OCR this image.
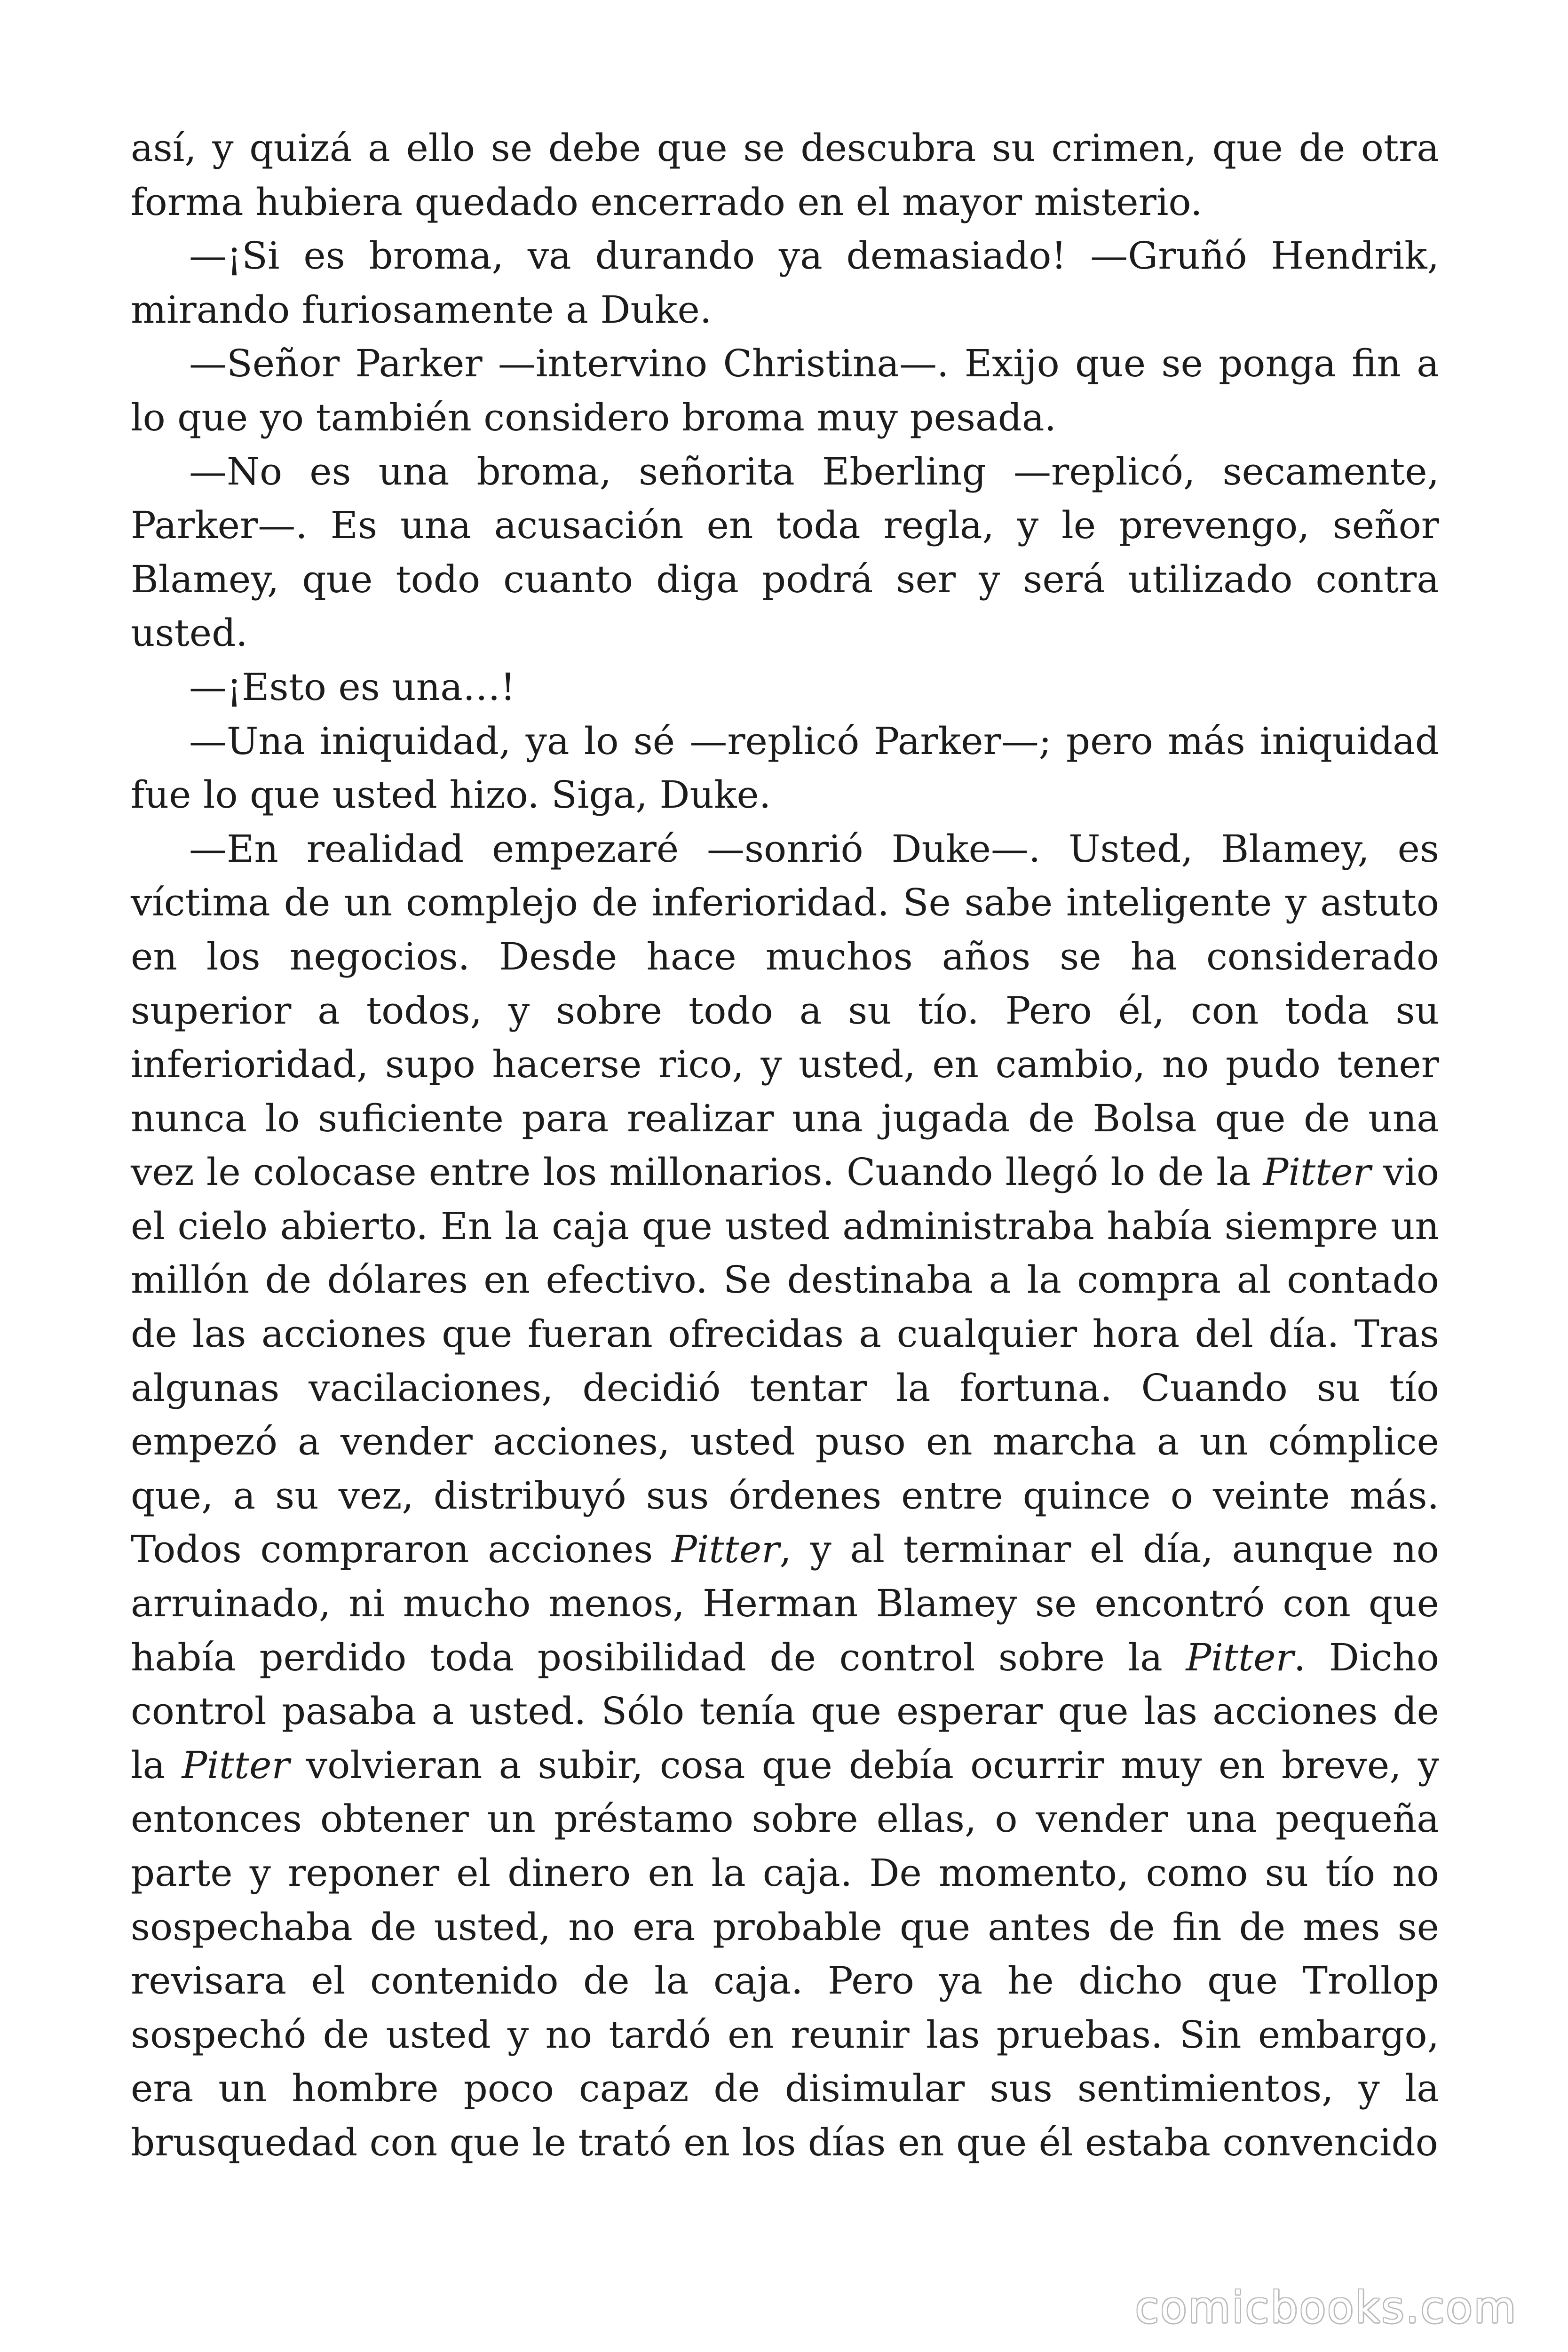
así, y quizá a ello se debe que se descubra su crimen, que de otra forma hubiera quedado encerrado en el mayor misterio.

—¡Si es broma, va durando ya demasiado! —Gruñó Hendrik, mirando furiosamente a Duke.

—Señor Parker —intervino Christina—. Exijo que se ponga fin a lo que yo también considero broma muy pesada.

—No es una broma, señorita Eberling —replicó, secamente, Parker—. Es una acusación en toda regla, y le prevengo, señor Blamey, que todo cuanto diga podrá ser y será utilizado contra usted.

—¡Esto es una…!

—Una iniquidad, ya lo sé —replicó Parker—; pero más iniquidad fue lo que usted hizo. Siga, Duke.

—En realidad empezaré —sonrió Duke—. Usted, Blamey, es víctima de un complejo de inferioridad. Se sabe inteligente y astuto en los negocios. Desde hace muchos años se ha considerado superior a todos, y sobre todo a su tío. Pero él, con toda su inferioridad, supo hacerse rico, y usted, en cambio, no pudo tener nunca lo suficiente para realizar una jugada de Bolsa que de una vez le colocase entre los millonarios. Cuando llegó lo de la Pitter vio el cielo abierto. En la caja que usted administraba había siempre un millón de dólares en efectivo. Se destinaba a la compra al contado de las acciones que fueran ofrecidas a cualquier hora del día. Tras algunas vacilaciones, decidió tentar la fortuna. Cuando su tío empezó a vender acciones, usted puso en marcha a un cómplice que, a su vez, distribuyó sus órdenes entre quince o veinte más. Todos compraron acciones Pitter, y al terminar el día, aunque no arruinado, ni mucho menos, Herman Blamey se encontró con que había perdido toda posibilidad de control sobre la Pitter. Dicho control pasaba a usted. Sólo tenía que esperar que las acciones de la Pitter volvieran a subir, cosa que debía ocurrir muy en breve, y entonces obtener un préstamo sobre ellas, o vender una pequeña parte y reponer el dinero en la caja. De momento, como su tío no sospechaba de usted, no era probable que antes de fin de mes se revisara el contenido de la caja. Pero ya he dicho que Trollop sospechó de usted y no tardó en reunir las pruebas. Sin embargo, era un hombre poco capaz de disimular sus sentimientos, y la brusquedad con que le trató en los días en que él estaba convencido

comicbooks.com
